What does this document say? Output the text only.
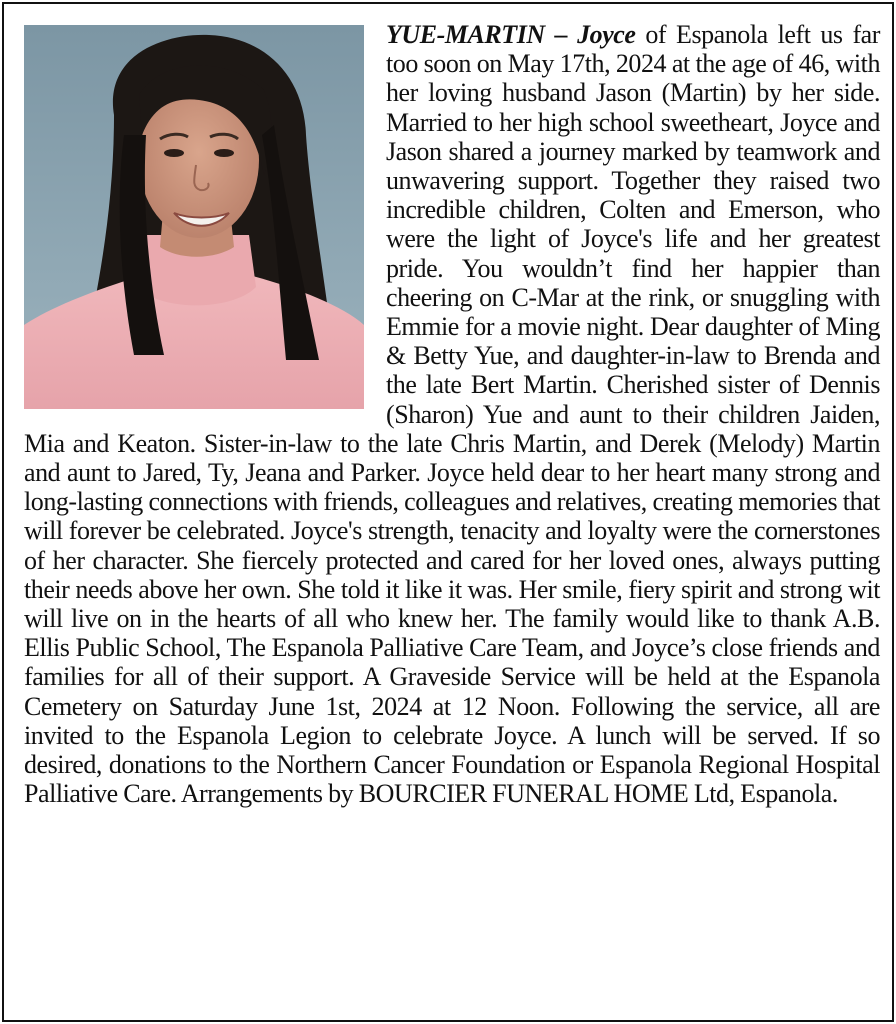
YUE-MARTIN – Joyce of Espanola left us far too soon on May 17th, 2024 at the age of 46, with her loving husband Jason (Martin) by her side. Married to her high school sweetheart, Joyce and Jason shared a journey marked by teamwork and unwavering support. Together they raised two incredible children, Colten and Emerson, who were the light of Joyce's life and her greatest pride. You wouldn’t find her happier than cheering on C-Mar at the rink, or snuggling with Emmie for a movie night. Dear daughter of Ming & Betty Yue, and daughter-in-law to Brenda and the late Bert Martin. Cherished sister of Dennis (Sharon) Yue and aunt to their children Jaiden, Mia and Keaton. Sister-in-law to the late Chris Martin, and Derek (Melody) Martin and aunt to Jared, Ty, Jeana and Parker. Joyce held dear to her heart many strong and long-lasting connections with friends, colleagues and relatives, creating memories that will forever be celebrated. Joyce's strength, tenacity and loyalty were the cornerstones of her character. She fiercely protected and cared for her loved ones, always putting their needs above her own. She told it like it was. Her smile, fiery spirit and strong wit will live on in the hearts of all who knew her. The family would like to thank A.B. Ellis Public School, The Espanola Palliative Care Team, and Joyce’s close friends and families for all of their support. A Graveside Service will be held at the Espanola Cemetery on Saturday June 1st, 2024 at 12 Noon. Following the service, all are invited to the Espanola Legion to celebrate Joyce. A lunch will be served. If so desired, donations to the Northern Cancer Foundation or Espanola Regional Hospital Palliative Care. Arrangements by BOURCIER FUNERAL HOME Ltd, Espanola.
